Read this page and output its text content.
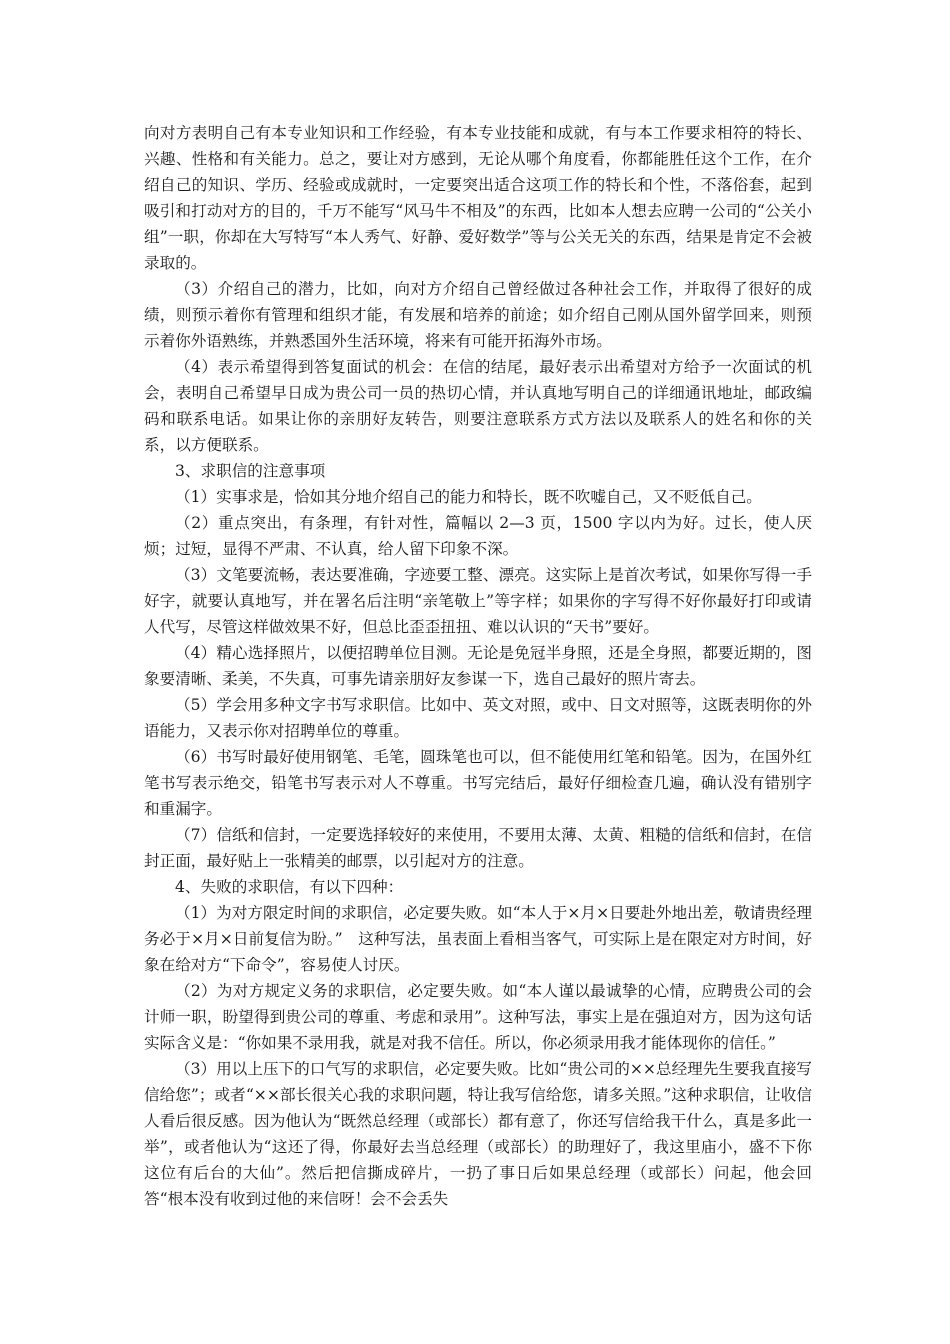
向对方表明自己有本专业知识和工作经验，有本专业技能和成就，有与本工作要求相符的特长、兴趣、性格和有关能力。总之，要让对方感到，无论从哪个角度看，你都能胜任这个工作，在介绍自己的知识、学历、经验或成就时，一定要突出适合这项工作的特长和个性，不落俗套，起到吸引和打动对方的目的，千万不能写“风马牛不相及”的东西，比如本人想去应聘一公司的“公关小组”一职，你却在大写特写“本人秀气、好静、爱好数学”等与公关无关的东西，结果是肯定不会被录取的。

（3）介绍自己的潜力，比如，向对方介绍自己曾经做过各种社会工作，并取得了很好的成绩，则预示着你有管理和组织才能，有发展和培养的前途；如介绍自己刚从国外留学回来，则预示着你外语熟练，并熟悉国外生活环境，将来有可能开拓海外市场。

（4）表示希望得到答复面试的机会：在信的结尾，最好表示出希望对方给予一次面试的机会，表明自己希望早日成为贵公司一员的热切心情，并认真地写明自己的详细通讯地址，邮政编码和联系电话。如果让你的亲朋好友转告，则要注意联系方式方法以及联系人的姓名和你的关系，以方便联系。

3、求职信的注意事项

（1）实事求是，恰如其分地介绍自己的能力和特长，既不吹嘘自己，又不贬低自己。

（2）重点突出，有条理，有针对性，篇幅以 2—3 页，1500 字以内为好。过长，使人厌烦；过短，显得不严肃、不认真，给人留下印象不深。

（3）文笔要流畅，表达要准确，字迹要工整、漂亮。这实际上是首次考试，如果你写得一手好字，就要认真地写，并在署名后注明“亲笔敬上”等字样；如果你的字写得不好你最好打印或请人代写，尽管这样做效果不好，但总比歪歪扭扭、难以认识的“天书”要好。

（4）精心选择照片，以便招聘单位目测。无论是免冠半身照，还是全身照，都要近期的，图象要清晰、柔美，不失真，可事先请亲朋好友参谋一下，选自己最好的照片寄去。

（5）学会用多种文字书写求职信。比如中、英文对照，或中、日文对照等，这既表明你的外语能力，又表示你对招聘单位的尊重。

（6）书写时最好使用钢笔、毛笔，圆珠笔也可以，但不能使用红笔和铅笔。因为，在国外红笔书写表示绝交，铅笔书写表示对人不尊重。书写完结后，最好仔细检查几遍，确认没有错别字和重漏字。

（7）信纸和信封，一定要选择较好的来使用，不要用太薄、太黄、粗糙的信纸和信封，在信封正面，最好贴上一张精美的邮票，以引起对方的注意。

4、失败的求职信，有以下四种：

（1）为对方限定时间的求职信，必定要失败。如“本人于×月×日要赴外地出差，敬请贵经理务必于×月×日前复信为盼。”　这种写法，虽表面上看相当客气，可实际上是在限定对方时间，好象在给对方“下命令”，容易使人讨厌。

（2）为对方规定义务的求职信，必定要失败。如“本人谨以最诚挚的心情，应聘贵公司的会计师一职，盼望得到贵公司的尊重、考虑和录用”。这种写法，事实上是在强迫对方，因为这句话实际含义是：“你如果不录用我，就是对我不信任。所以，你必须录用我才能体现你的信任。”

（3）用以上压下的口气写的求职信，必定要失败。比如“贵公司的××总经理先生要我直接写信给您”；或者“××部长很关心我的求职问题，特让我写信给您，请多关照。”这种求职信，让收信人看后很反感。因为他认为“既然总经理（或部长）都有意了，你还写信给我干什么，真是多此一举”，或者他认为“这还了得，你最好去当总经理（或部长）的助理好了，我这里庙小，盛不下你这位有后台的大仙”。然后把信撕成碎片，一扔了事日后如果总经理（或部长）问起，他会回答“根本没有收到过他的来信呀！会不会丢失
